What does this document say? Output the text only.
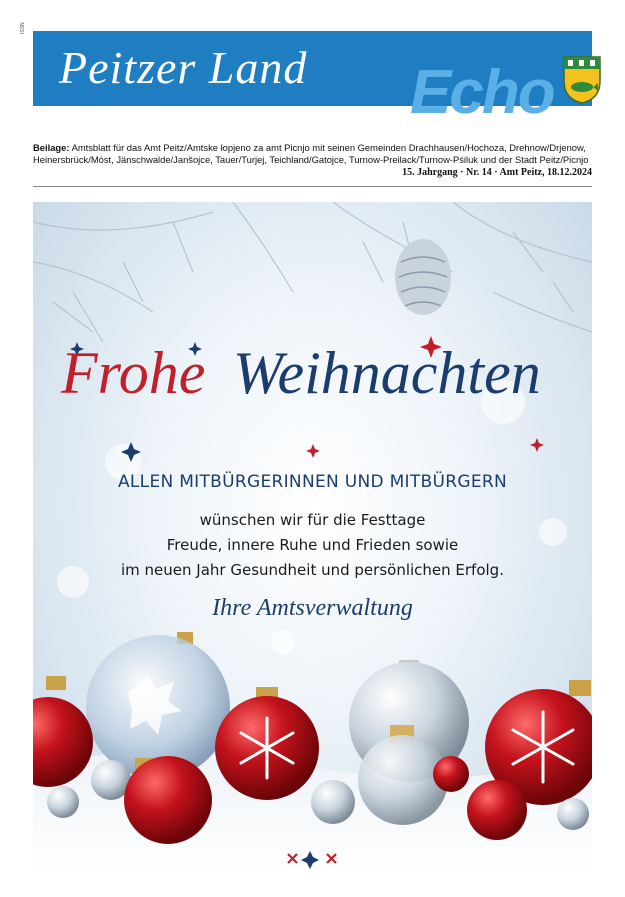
ISSN
Peitzer Land Echo
Beilage: Amtsblatt für das Amt Peitz/Amtske łopjeno za amt Picnjo mit seinen Gemeinden Drachhausen/Hochoza, Drehnow/Drjenow, Heinersbrück/Móst, Jänschwalde/Janšojce, Tauer/Turjej, Teichland/Gatojce, Turnow-Preilack/Turnow-Pśiluk und der Stadt Peitz/Picnjo
15. Jahrgang · Nr. 14 · Amt Peitz, 18.12.2024
Frohe Weihnachten
ALLEN MITBÜRGERINNEN UND MITBÜRGERN
wünschen wir für die Festtage
Freude, innere Ruhe und Frieden sowie
im neuen Jahr Gesundheit und persönlichen Erfolg.
Ihre Amtsverwaltung
© stock.adobe.com · Romolo Tavani
